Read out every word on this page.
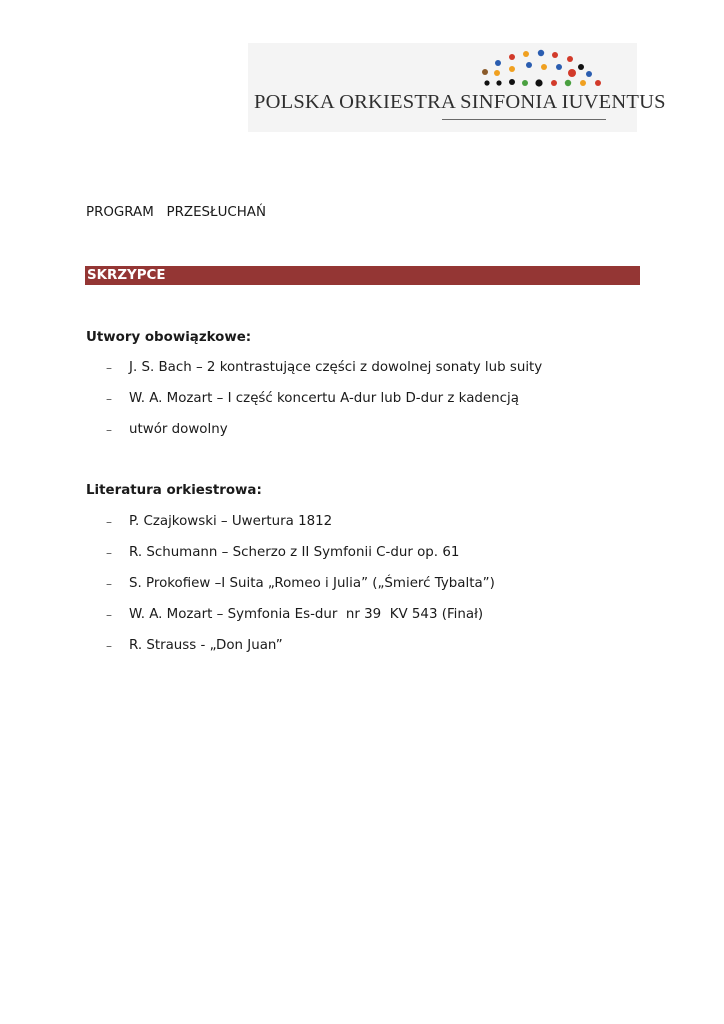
POLSKA ORKIESTRA SINFONIA IUVENTUS
PROGRAM   PRZESŁUCHAŃ
SKRZYPCE
Utwory obowiązkowe:

–

J. S. Bach – 2 kontrastujące części z dowolnej sonaty lub suity

–

W. A. Mozart – I część koncertu A-dur lub D-dur z kadencją

–

utwór dowolny

Literatura orkiestrowa:

–

P. Czajkowski – Uwertura 1812

–

R. Schumann – Scherzo z II Symfonii C-dur op. 61

–

S. Prokofiew –I Suita „Romeo i Julia” („Śmierć Tybalta”)

–

W. A. Mozart – Symfonia Es-dur  nr 39  KV 543 (Finał)

–

R. Strauss - „Don Juan”
